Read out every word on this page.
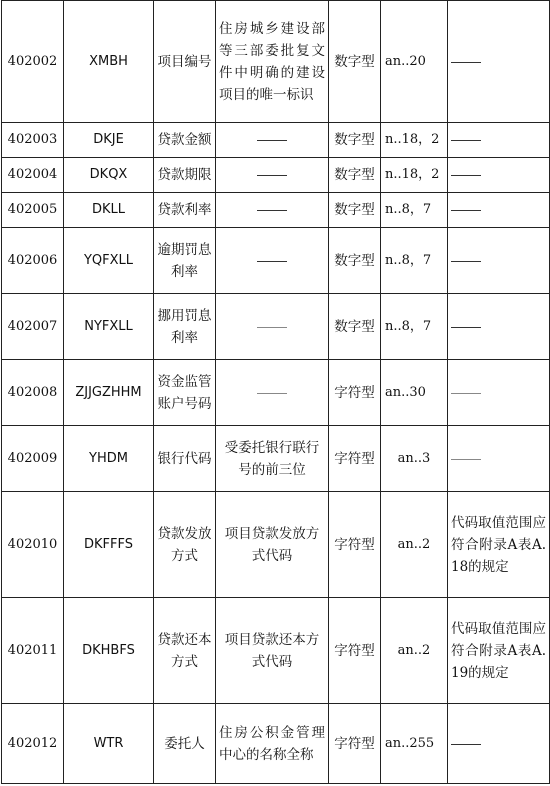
402002	XMBH	项目编号	住房城乡建设部等三部委批复文件中明确的建设项目的唯一标识	数字型	an..20	
402003	DKJE	贷款金额		数字型	n..18，2	
402004	DKQX	贷款期限		数字型	n..18，2	
402005	DKLL	贷款利率		数字型	n..8，7	
402006	YQFXLL	逾期罚息利率		数字型	n..8，7	
402007	NYFXLL	挪用罚息利率		数字型	n..8，7	
402008	ZJJGZHHM	资金监管账户号码		字符型	an..30	
402009	YHDM	银行代码	受委托银行联行号的前三位	字符型	an..3	
402010	DKFFFS	贷款发放方式	项目贷款发放方式代码	字符型	an..2	代码取值范围应符合附录A表A.18的规定
402011	DKHBFS	贷款还本方式	项目贷款还本方式代码	字符型	an..2	代码取值范围应符合附录A表A.19的规定
402012	WTR	委托人	住房公积金管理中心的名称全称	字符型	an..255	
